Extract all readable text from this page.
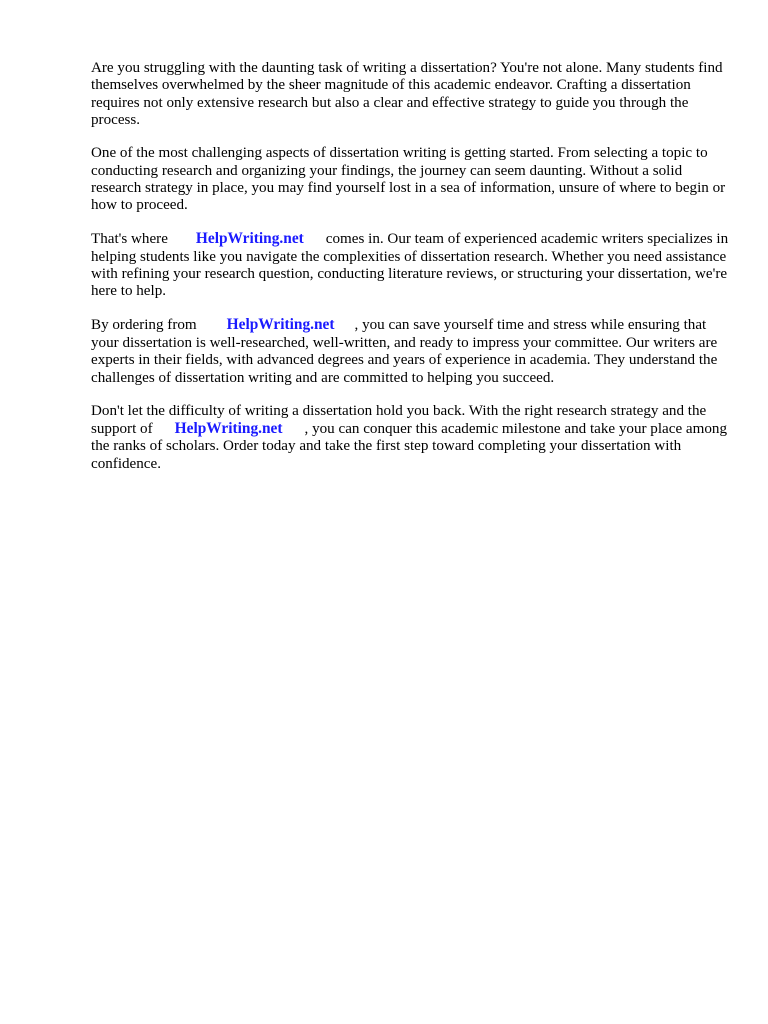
Are you struggling with the daunting task of writing a dissertation? You're not alone. Many students find themselves overwhelmed by the sheer magnitude of this academic endeavor. Crafting a dissertation requires not only extensive research but also a clear and effective strategy to guide you through the process.

One of the most challenging aspects of dissertation writing is getting started. From selecting a topic to conducting research and organizing your findings, the journey can seem daunting. Without a solid research strategy in place, you may find yourself lost in a sea of information, unsure of where to begin or how to proceed.

That's where HelpWriting.net comes in. Our team of experienced academic writers specializes in helping students like you navigate the complexities of dissertation research. Whether you need assistance with refining your research question, conducting literature reviews, or structuring your dissertation, we're here to help.

By ordering from HelpWriting.net , you can save yourself time and stress while ensuring that your dissertation is well-researched, well-written, and ready to impress your committee. Our writers are experts in their fields, with advanced degrees and years of experience in academia. They understand the challenges of dissertation writing and are committed to helping you succeed.

Don't let the difficulty of writing a dissertation hold you back. With the right research strategy and the support of HelpWriting.net , you can conquer this academic milestone and take your place among the ranks of scholars. Order today and take the first step toward completing your dissertation with confidence.
